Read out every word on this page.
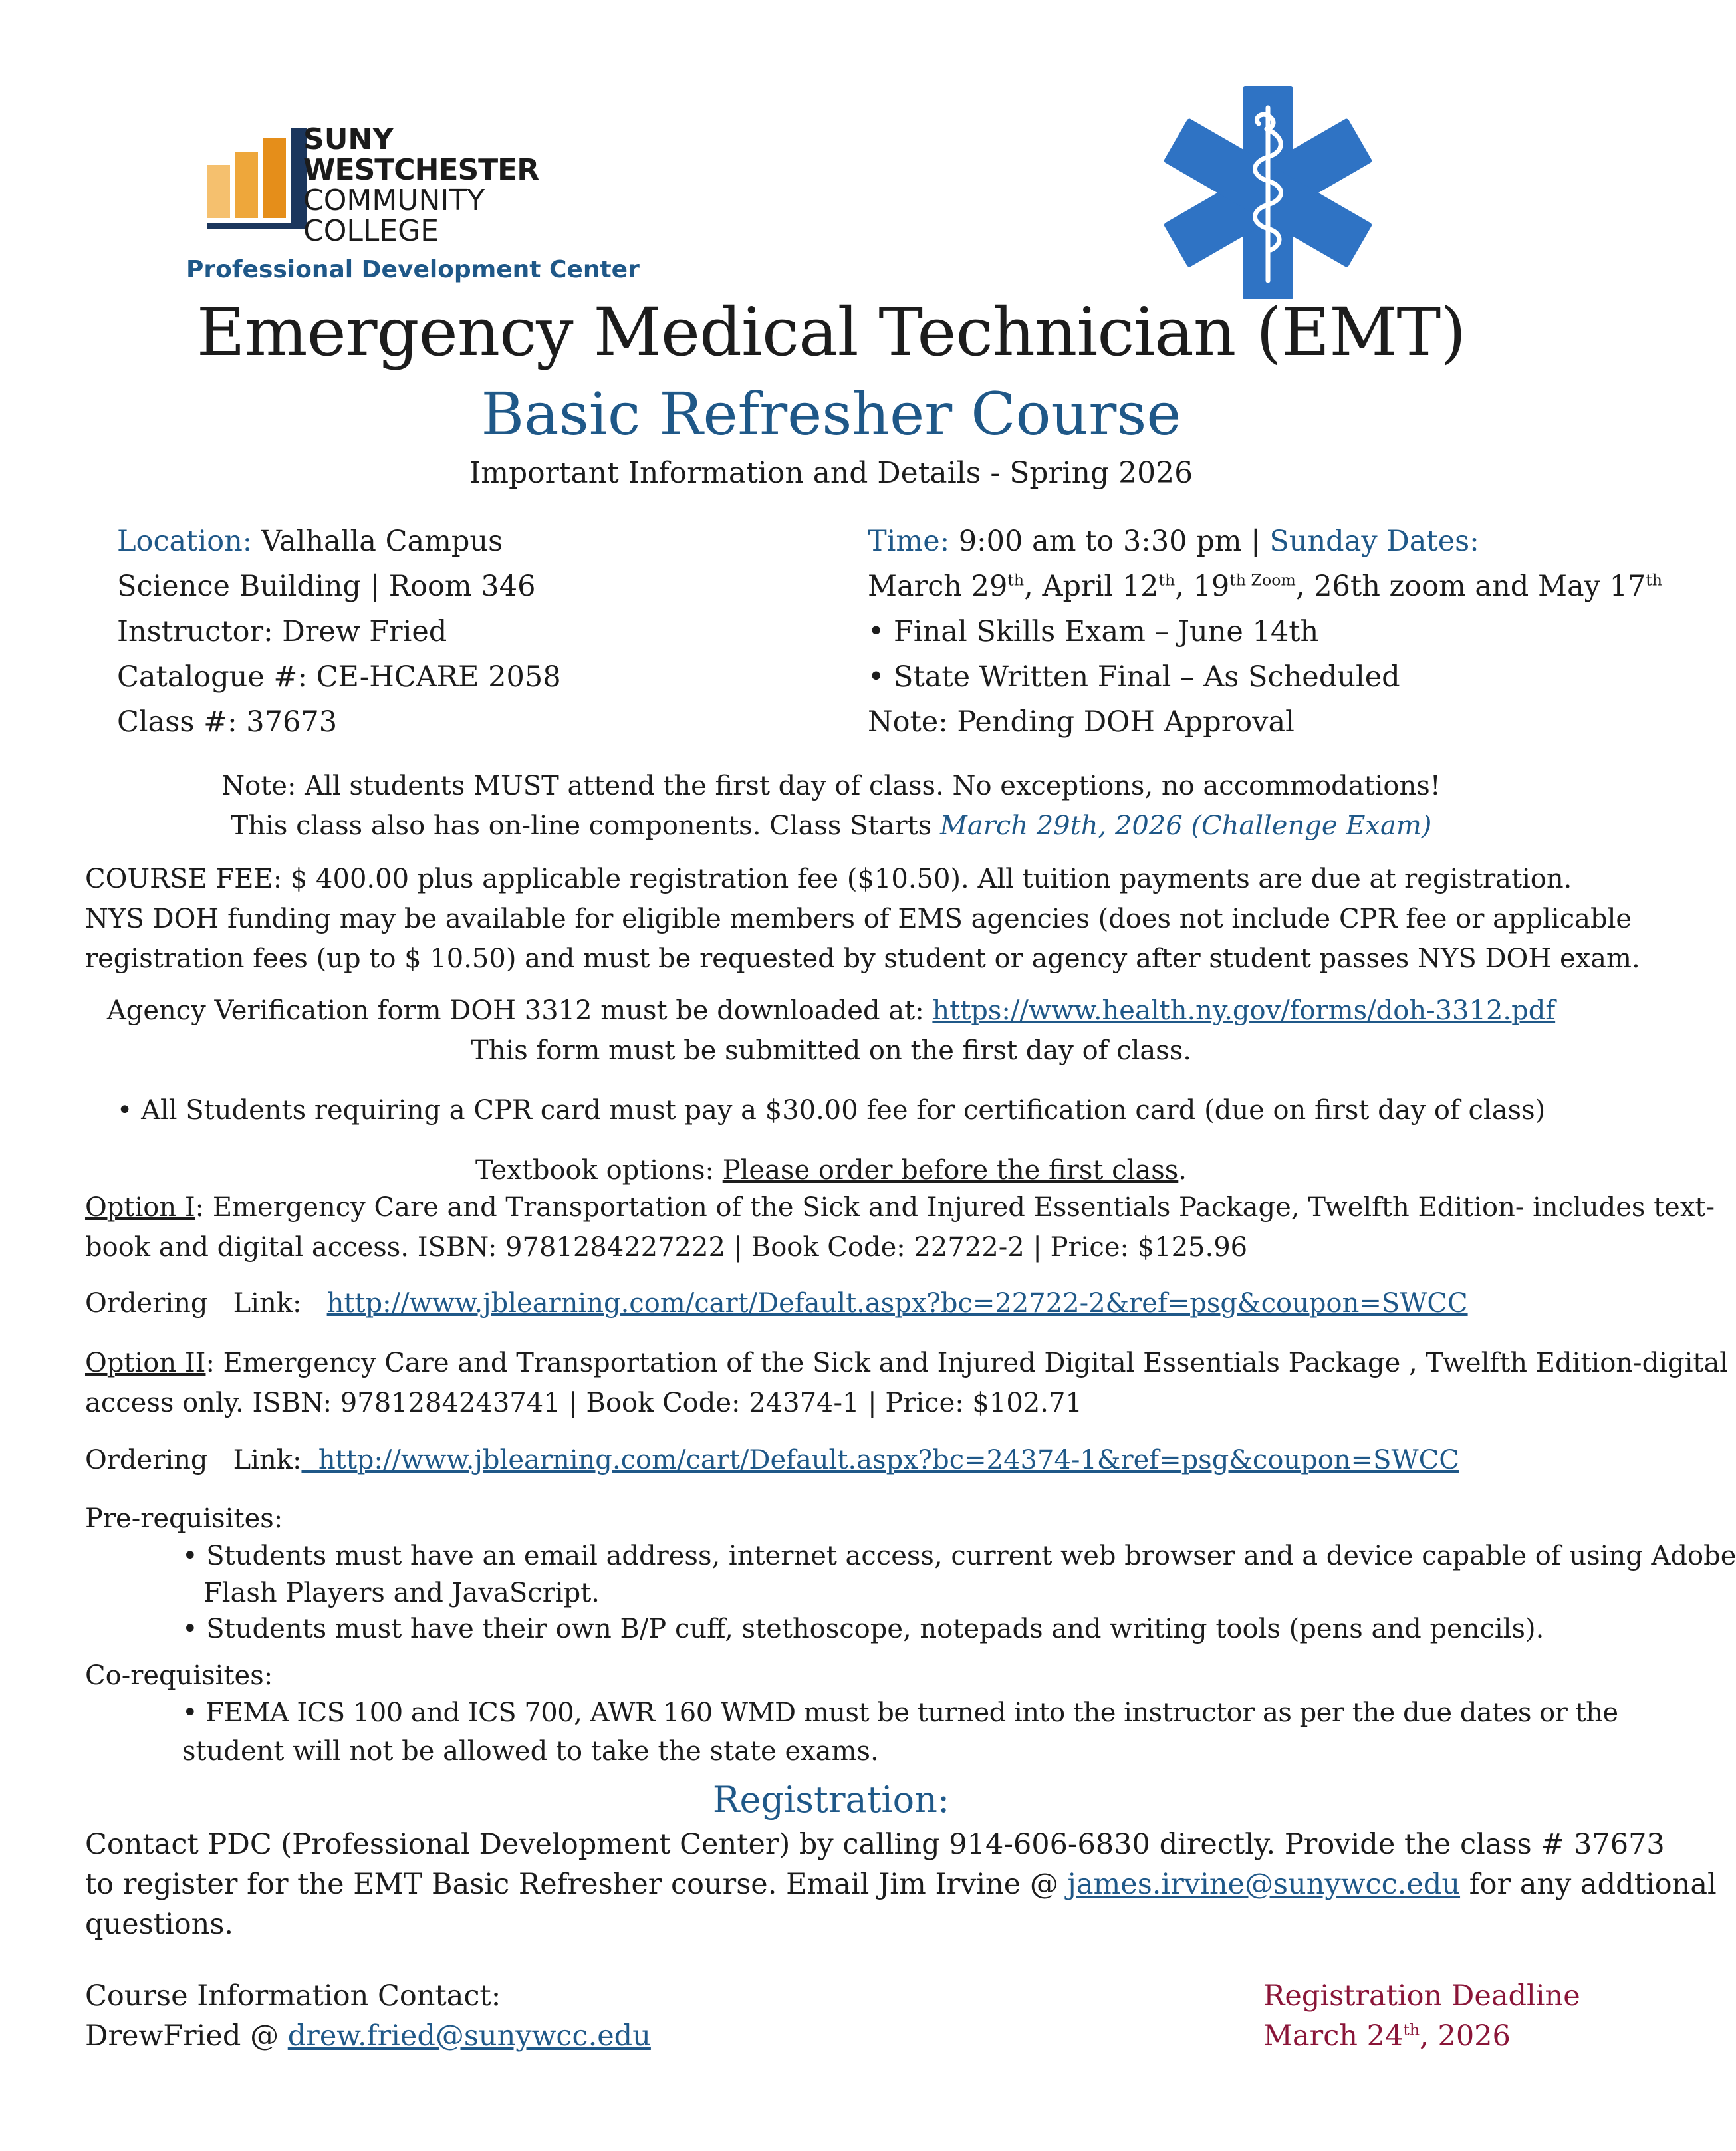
SUNY
WESTCHESTER
COMMUNITY
COLLEGE
Professional Development Center
Emergency Medical Technician (EMT)
Basic Refresher Course
Important Information and Details - Spring 2026
Location: Valhalla Campus
Science Building | Room 346
Instructor: Drew Fried
Catalogue #: CE-HCARE 2058
Class #: 37673
Time: 9:00 am to 3:30 pm | Sunday Dates:
March 29th, April 12th, $19^{th Zoom}$, 26th zoom and May 17th
• Final Skills Exam – June 14th
• State Written Final – As Scheduled
Note: Pending DOH Approval
Note: All students MUST attend the first day of class. No exceptions, no accommodations!
This class also has on-line components. Class Starts March 29th, 2026 (Challenge Exam)
COURSE FEE: $ 400.00 plus applicable registration fee ($10.50). All tuition payments are due at registration.
NYS DOH funding may be available for eligible members of EMS agencies (does not include CPR fee or applicable
registration fees (up to $ 10.50) and must be requested by student or agency after student passes NYS DOH exam.
Agency Verification form DOH 3312 must be downloaded at: https://www.health.ny.gov/forms/doh-3312.pdf
This form must be submitted on the first day of class.
• All Students requiring a CPR card must pay a $30.00 fee for certification card (due on first day of class)
Textbook options: Please order before the first class.
Option I: Emergency Care and Transportation of the Sick and Injured Essentials Package, Twelfth Edition- includes text-
book and digital access. ISBN: 9781284227222 | Book Code: 22722-2 | Price: $125.96
Ordering   Link:   http://www.jblearning.com/cart/Default.aspx?bc=22722-2&ref=psg&coupon=SWCC
Option II: Emergency Care and Transportation of the Sick and Injured Digital Essentials Package , Twelfth Edition-digital
access only. ISBN: 9781284243741 | Book Code: 24374-1 | Price: $102.71
Ordering   Link:  http://www.jblearning.com/cart/Default.aspx?bc=24374-1&ref=psg&coupon=SWCC
Pre-requisites:
• Students must have an email address, internet access, current web browser and a device capable of using Adobe
Flash Players and JavaScript.
• Students must have their own B/P cuff, stethoscope, notepads and writing tools (pens and pencils).
Co-requisites:
• FEMA ICS 100 and ICS 700, AWR 160 WMD must be turned into the instructor as per the due dates or the
student will not be allowed to take the state exams.
Registration:
Contact PDC (Professional Development Center) by calling 914-606-6830 directly. Provide the class # 37673
to register for the EMT Basic Refresher course. Email Jim Irvine @ james.irvine@sunywcc.edu for any addtional
questions.
Course Information Contact:
DrewFried @ drew.fried@sunywcc.edu
Registration Deadline
March 24th, 2026
